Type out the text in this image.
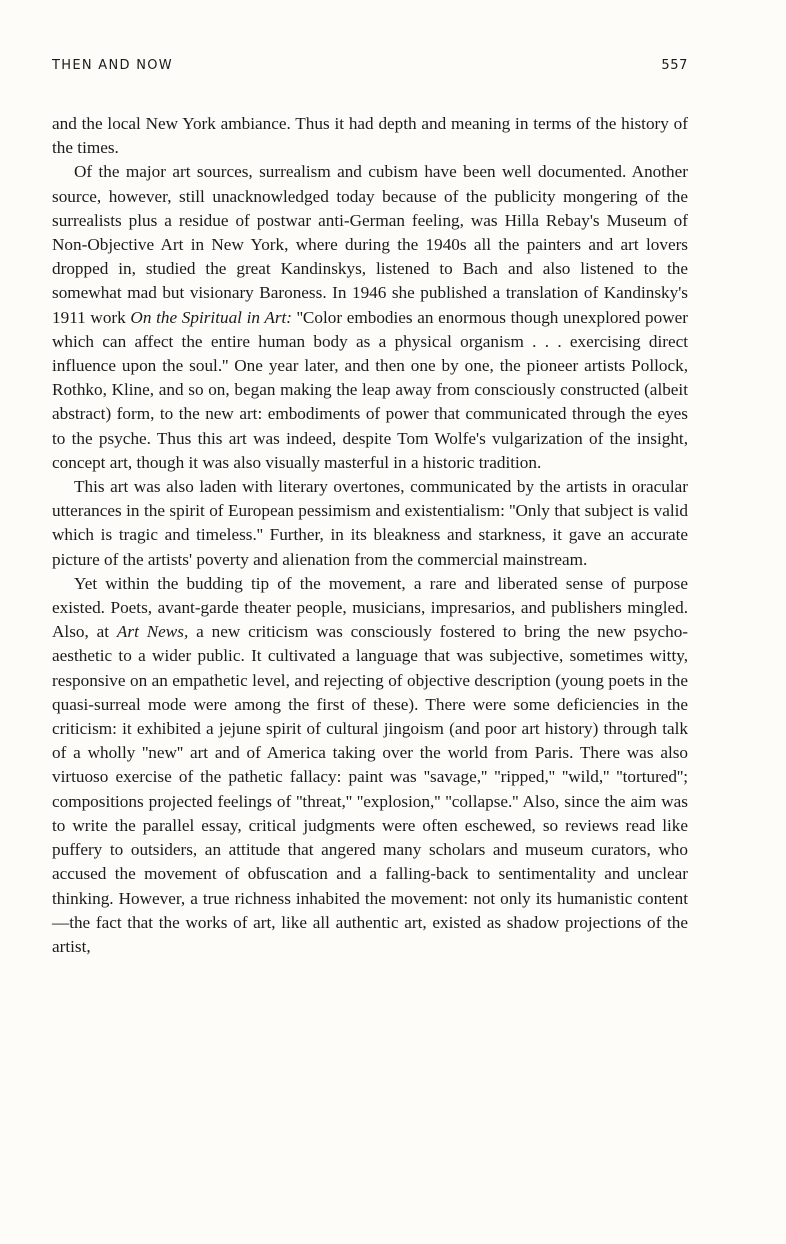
THEN AND NOW	557

and the local New York ambiance. Thus it had depth and meaning in terms of the history of the times.

Of the major art sources, surrealism and cubism have been well documented. Another source, however, still unacknowledged today because of the publicity mongering of the surrealists plus a residue of postwar anti-German feeling, was Hilla Rebay's Museum of Non-Objective Art in New York, where during the 1940s all the painters and art lovers dropped in, studied the great Kandinskys, listened to Bach and also listened to the somewhat mad but visionary Baroness. In 1946 she published a translation of Kandinsky's 1911 work On the Spiritual in Art: ''Color embodies an enormous though unexplored power which can affect the entire human body as a physical organism . . . exercising direct influence upon the soul.'' One year later, and then one by one, the pioneer artists Pollock, Rothko, Kline, and so on, began making the leap away from consciously constructed (albeit abstract) form, to the new art: embodiments of power that communicated through the eyes to the psyche. Thus this art was indeed, despite Tom Wolfe's vulgarization of the insight, concept art, though it was also visually masterful in a historic tradition.

This art was also laden with literary overtones, communicated by the artists in oracular utterances in the spirit of European pessimism and existentialism: ''Only that subject is valid which is tragic and timeless.'' Further, in its bleakness and starkness, it gave an accurate picture of the artists' poverty and alienation from the commercial mainstream.

Yet within the budding tip of the movement, a rare and liberated sense of purpose existed. Poets, avant-garde theater people, musicians, impresarios, and publishers mingled. Also, at Art News, a new criticism was consciously fostered to bring the new psycho-aesthetic to a wider public. It cultivated a language that was subjective, sometimes witty, responsive on an empathetic level, and rejecting of objective description (young poets in the quasi-surreal mode were among the first of these). There were some deficiencies in the criticism: it exhibited a jejune spirit of cultural jingoism (and poor art history) through talk of a wholly ''new'' art and of America taking over the world from Paris. There was also virtuoso exercise of the pathetic fallacy: paint was ''savage,'' ''ripped,'' ''wild,'' ''tortured''; compositions projected feelings of ''threat,'' ''explosion,'' ''collapse.'' Also, since the aim was to write the parallel essay, critical judgments were often eschewed, so reviews read like puffery to outsiders, an attitude that angered many scholars and museum curators, who accused the movement of obfuscation and a falling-back to sentimentality and unclear thinking. However, a true richness inhabited the movement: not only its humanistic content—the fact that the works of art, like all authentic art, existed as shadow projections of the artist,
